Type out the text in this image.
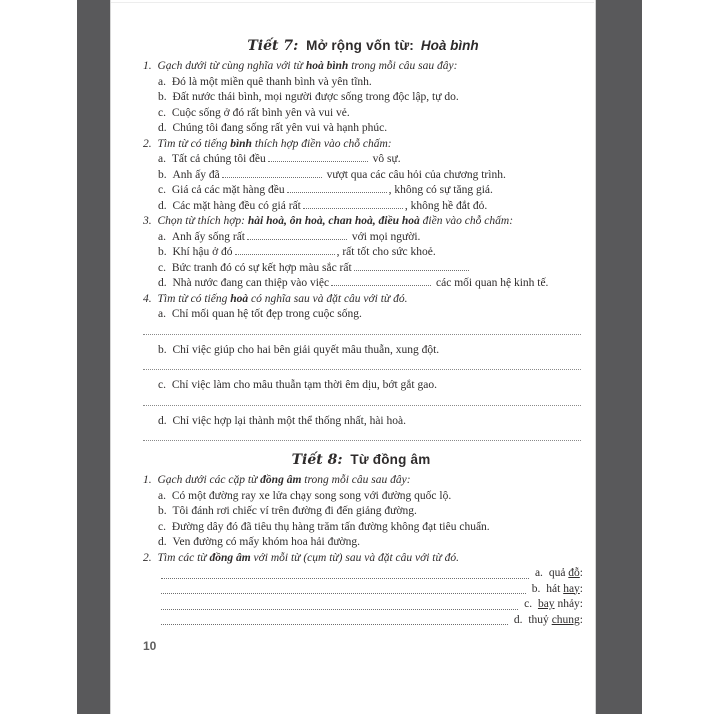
Tiết 7: Mở rộng vốn từ: Hoà bình
1. Gạch dưới từ cùng nghĩa với từ hoà bình trong mỗi câu sau đây:
a. Đó là một miền quê thanh bình và yên tĩnh.
b. Đất nước thái bình, mọi người được sống trong độc lập, tự do.
c. Cuộc sống ở đó rất bình yên và vui vẻ.
d. Chúng tôi đang sống rất yên vui và hạnh phúc.
2. Tìm từ có tiếng bình thích hợp điền vào chỗ chấm:
a. Tất cả chúng tôi đều	vô sự.
b. Anh ấy đã	vượt qua các câu hỏi của chương trình.
c. Giá cả các mặt hàng đều	, không có sự tăng giá.
d. Các mặt hàng đều có giá rất	, không hề đắt đỏ.
3. Chọn từ thích hợp: hài hoà, ôn hoà, chan hoà, điều hoà điền vào chỗ chấm:
a. Anh ấy sống rất	với mọi người.
b. Khí hậu ở đó	, rất tốt cho sức khoẻ.
c. Bức tranh đó có sự kết hợp màu sắc rất
d. Nhà nước đang can thiệp vào việc	các mối quan hệ kinh tế.
4. Tìm từ có tiếng hoà có nghĩa sau và đặt câu với từ đó.
a. Chỉ mối quan hệ tốt đẹp trong cuộc sống.
b. Chỉ việc giúp cho hai bên giải quyết mâu thuẫn, xung đột.
c. Chỉ việc làm cho mâu thuẫn tạm thời êm dịu, bớt gắt gao.
d. Chỉ việc hợp lại thành một thể thống nhất, hài hoà.
Tiết 8: Từ đồng âm
1. Gạch dưới các cặp từ đồng âm trong mỗi câu sau đây:
a. Có một đường ray xe lửa chạy song song với đường quốc lộ.
b. Tôi đánh rơi chiếc ví trên đường đi đến giảng đường.
c. Đường dây đó đã tiêu thụ hàng trăm tấn đường không đạt tiêu chuẩn.
d. Ven đường có mấy khóm hoa hải đường.
2. Tìm các từ đồng âm với mỗi từ (cụm từ) sau và đặt câu với từ đó.
a. quả đỗ:
b. hát hay:
c. bay nhảy:
d. thuỷ chung:
10
